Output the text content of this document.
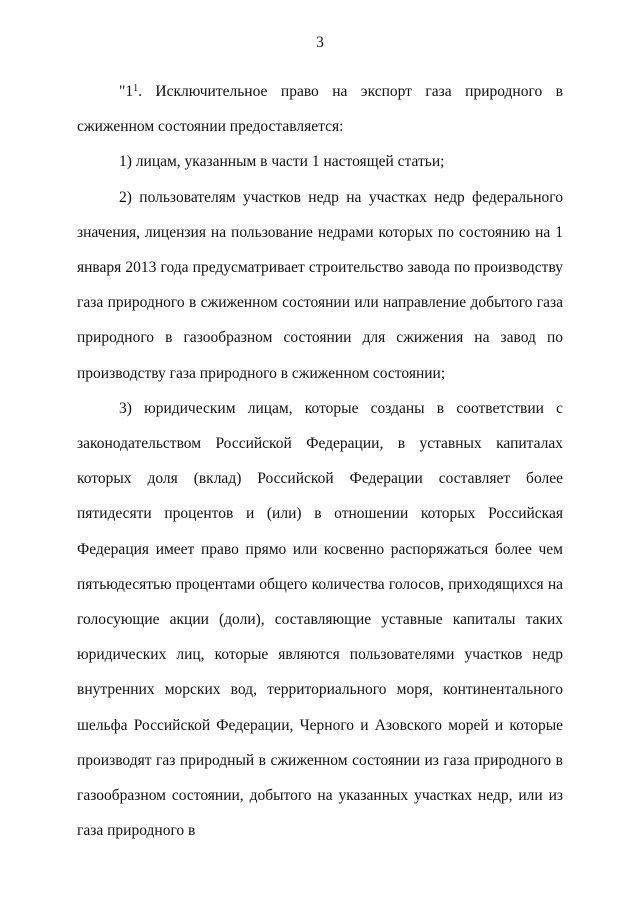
3

"$1^1$. Исключительное право на экспорт газа природного в сжиженном состоянии предоставляется:

1) лицам, указанным в части 1 настоящей статьи;

2) пользователям участков недр на участках недр федерального значения, лицензия на пользование недрами которых по состоянию на 1 января 2013 года предусматривает строительство завода по производству газа природного в сжиженном состоянии или направление добытого газа природного в газообразном состоянии для сжижения на завод по производству газа природного в сжиженном состоянии;

3) юридическим лицам, которые созданы в соответствии с законодательством Российской Федерации, в уставных капиталах которых доля (вклад) Российской Федерации составляет более пятидесяти процентов и (или) в отношении которых Российская Федерация имеет право прямо или косвенно распоряжаться более чем пятьюдесятью процентами общего количества голосов, приходящихся на голосующие акции (доли), составляющие уставные капиталы таких юридических лиц, которые являются пользователями участков недр внутренних морских вод, территориального моря, континентального шельфа Российской Федерации, Черного и Азовского морей и которые производят газ природный в сжиженном состоянии из газа природного в газообразном состоянии, добытого на указанных участках недр, или из газа природного в
